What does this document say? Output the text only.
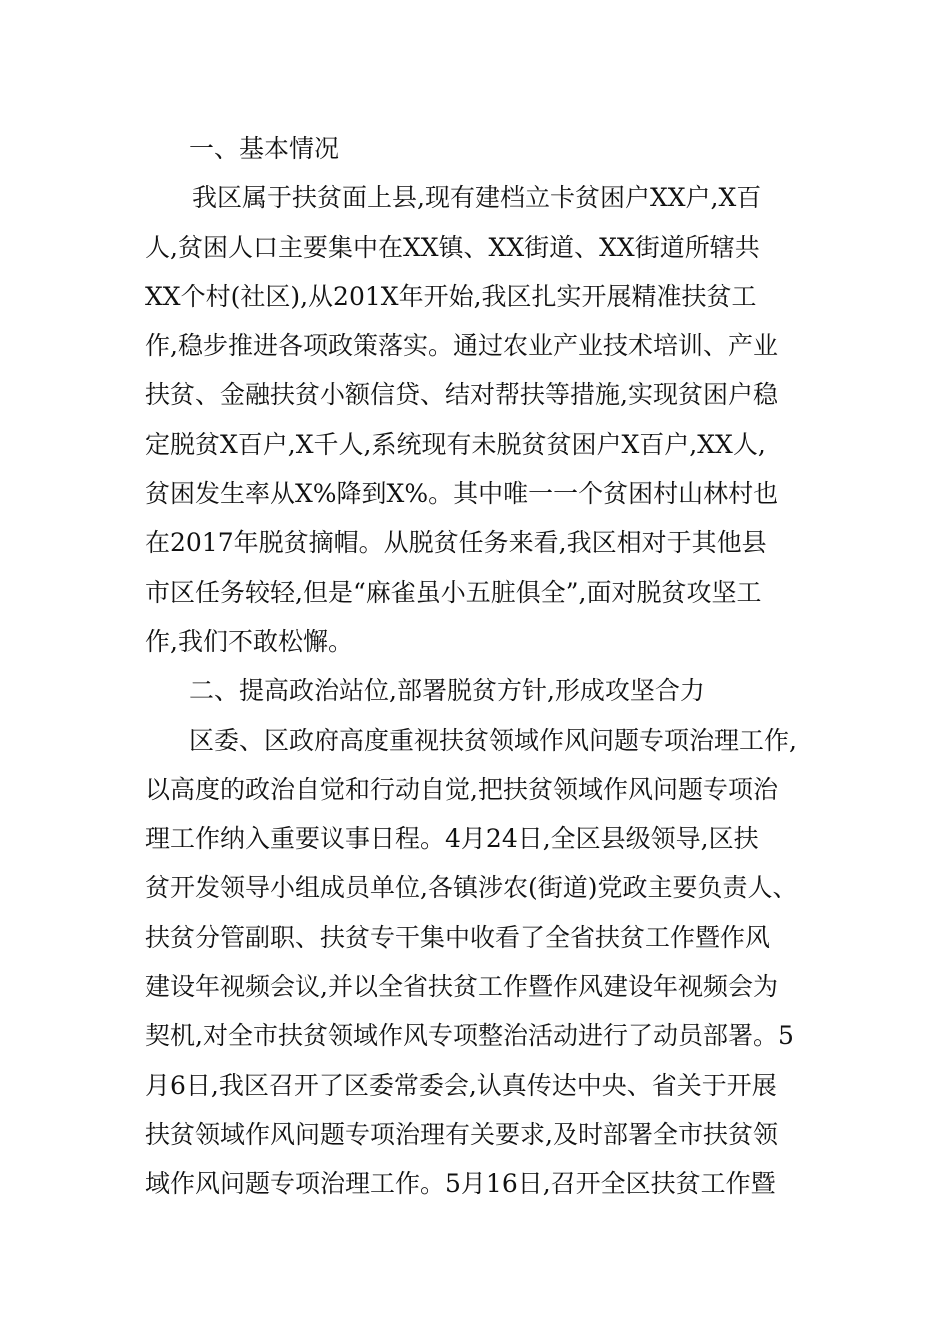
一、基本情况
我区属于扶贫面上县,现有建档立卡贫困户XX户,X百
人,贫困人口主要集中在XX镇、XX街道、XX街道所辖共
XX个村(社区),从201X年开始,我区扎实开展精准扶贫工
作,稳步推进各项政策落实。通过农业产业技术培训、产业
扶贫、金融扶贫小额信贷、结对帮扶等措施,实现贫困户稳
定脱贫X百户,X千人,系统现有未脱贫贫困户X百户,XX人,
贫困发生率从X%降到X%。其中唯一一个贫困村山林村也
在2017年脱贫摘帽。从脱贫任务来看,我区相对于其他县
市区任务较轻,但是“麻雀虽小五脏俱全”,面对脱贫攻坚工
作,我们不敢松懈。
二、提高政治站位,部署脱贫方针,形成攻坚合力
区委、区政府高度重视扶贫领域作风问题专项治理工作,
以高度的政治自觉和行动自觉,把扶贫领域作风问题专项治
理工作纳入重要议事日程。4月24日,全区县级领导,区扶
贫开发领导小组成员单位,各镇涉农(街道)党政主要负责人、
扶贫分管副职、扶贫专干集中收看了全省扶贫工作暨作风
建设年视频会议,并以全省扶贫工作暨作风建设年视频会为
契机,对全市扶贫领域作风专项整治活动进行了动员部署。5
月6日,我区召开了区委常委会,认真传达中央、省关于开展
扶贫领域作风问题专项治理有关要求,及时部署全市扶贫领
域作风问题专项治理工作。5月16日,召开全区扶贫工作暨
